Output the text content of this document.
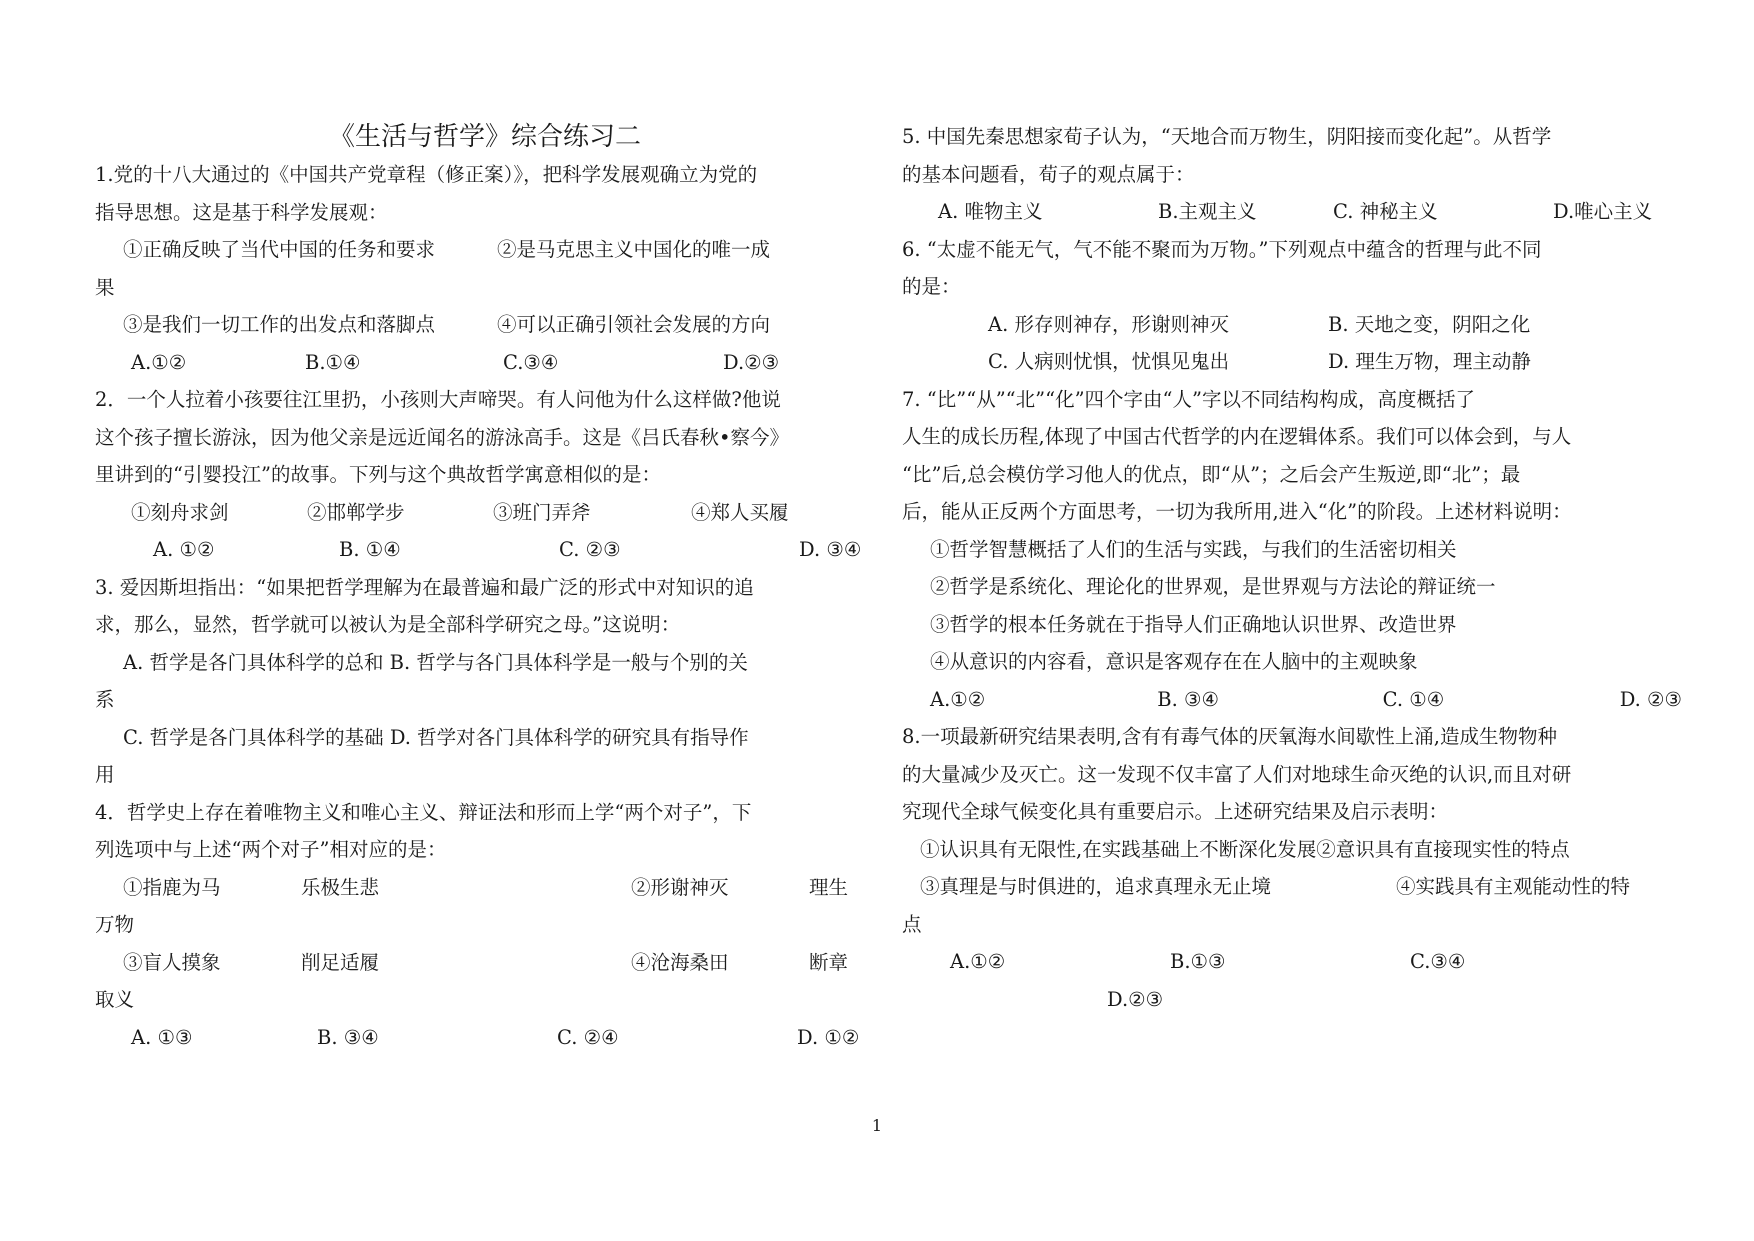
《生活与哲学》综合练习二
1.党的十八大通过的《中国共产党章程（修正案）》，把科学发展观确立为党的
指导思想。这是基于科学发展观：
①正确反映了当代中国的任务和要求	②是马克思主义中国化的唯一成
果
③是我们一切工作的出发点和落脚点	④可以正确引领社会发展的方向
A.①②	B.①④	C.③④	D.②③
2．一个人拉着小孩要往江里扔，小孩则大声啼哭。有人问他为什么这样做?他说
这个孩子擅长游泳，因为他父亲是远近闻名的游泳高手。这是《吕氏春秋•察今》
里讲到的“引婴投江”的故事。下列与这个典故哲学寓意相似的是：
①刻舟求剑	②邯郸学步	③班门弄斧	④郑人买履
A. ①②	B. ①④	C. ②③	D. ③④
3. 爱因斯坦指出：“如果把哲学理解为在最普遍和最广泛的形式中对知识的追
求，那么，显然，哲学就可以被认为是全部科学研究之母。”这说明：
A. 哲学是各门具体科学的总和 B. 哲学与各门具体科学是一般与个别的关
系
C. 哲学是各门具体科学的基础 D. 哲学对各门具体科学的研究具有指导作
用
4．哲学史上存在着唯物主义和唯心主义、辩证法和形而上学“两个对子”，下
列选项中与上述“两个对子”相对应的是：
①指鹿为马	乐极生悲	②形谢神灭	理生
万物
③盲人摸象	削足适履	④沧海桑田	断章
取义
A. ①③	B. ③④	C. ②④	D. ①②
5. 中国先秦思想家荀子认为，“天地合而万物生，阴阳接而变化起”。从哲学
的基本问题看，荀子的观点属于：
A. 唯物主义	B.主观主义	C. 神秘主义	D.唯心主义
6. “太虚不能无气，气不能不聚而为万物。”下列观点中蕴含的哲理与此不同
的是：
A. 形存则神存，形谢则神灭	B. 天地之变，阴阳之化
C. 人病则忧惧，忧惧见鬼出	D. 理生万物，理主动静
7. “比”“从”“北”“化”四个字由“人”字以不同结构构成，高度概括了
人生的成长历程,体现了中国古代哲学的内在逻辑体系。我们可以体会到，与人
“比”后,总会模仿学习他人的优点，即“从”；之后会产生叛逆,即“北”；最
后，能从正反两个方面思考，一切为我所用,进入“化”的阶段。上述材料说明：
①哲学智慧概括了人们的生活与实践，与我们的生活密切相关
②哲学是系统化、理论化的世界观，是世界观与方法论的辩证统一
③哲学的根本任务就在于指导人们正确地认识世界、改造世界
④从意识的内容看，意识是客观存在在人脑中的主观映象
A.①②	B. ③④	C. ①④	D. ②③
8.一项最新研究结果表明,含有有毒气体的厌氧海水间歇性上涌,造成生物物种
的大量减少及灭亡。这一发现不仅丰富了人们对地球生命灭绝的认识,而且对研
究现代全球气候变化具有重要启示。上述研究结果及启示表明：
①认识具有无限性,在实践基础上不断深化发展②意识具有直接现实性的特点
③真理是与时俱进的，追求真理永无止境	④实践具有主观能动性的特
点
A.①②	B.①③	C.③④
D.②③
1
